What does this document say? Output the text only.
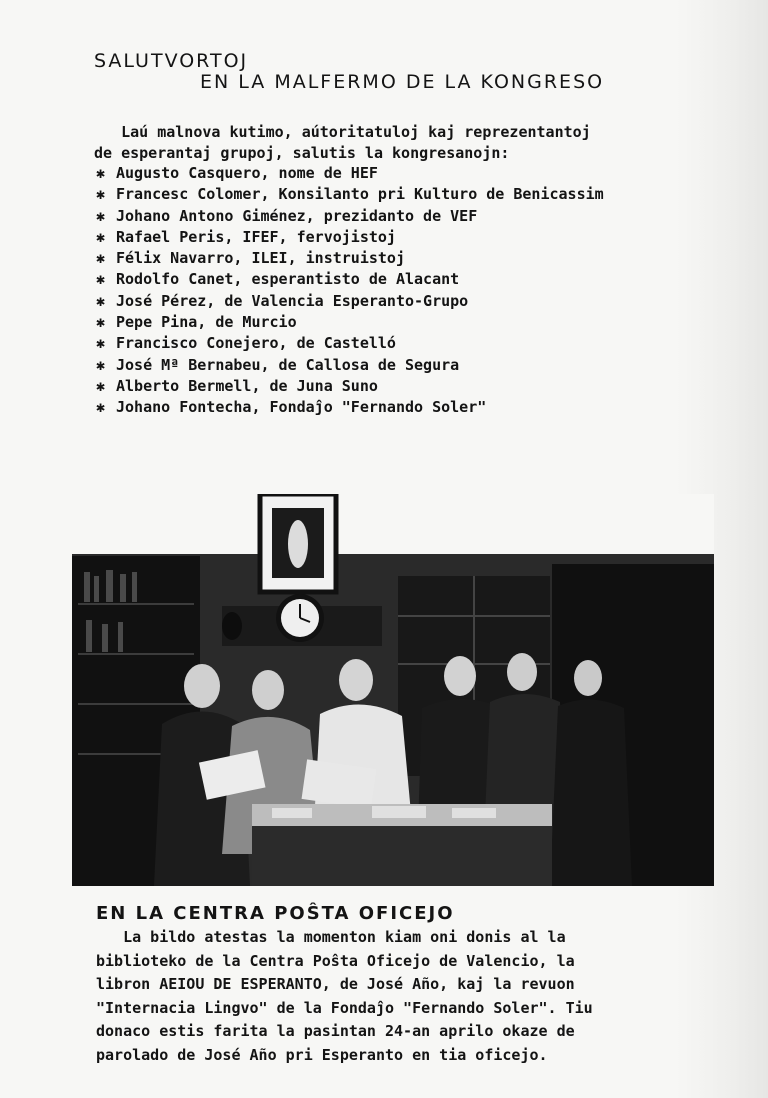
SALUTVORTOJ
EN LA MALFERMO DE LA KONGRESO
Laú malnova kutimo, aútoritatuloj kaj reprezentantoj
de esperantaj grupoj, salutis la kongresanojn:
✱ Augusto Casquero, nome de HEF
✱ Francesc Colomer, Konsilanto pri Kulturo de Benicassim
✱ Johano Antono Giménez, prezidanto de VEF
✱ Rafael Peris, IFEF, fervojistoj
✱ Félix Navarro, ILEI, instruistoj
✱ Rodolfo Canet, esperantisto de Alacant
✱ José Pérez, de Valencia Esperanto-Grupo
✱ Pepe Pina, de Murcio
✱ Francisco Conejero, de Castelló
✱ José Mª Bernabeu, de Callosa de Segura
✱ Alberto Bermell, de Juna Suno
✱ Johano Fontecha, Fondaĵo "Fernando Soler"
EN LA CENTRA POŜTA OFICEJO
La bildo atestas la momenton kiam oni donis al la
biblioteko de la Centra Poŝta Oficejo de Valencio, la
libron AEIOU DE ESPERANTO, de José Año, kaj la revuon
"Internacia Lingvo" de la Fondaĵo "Fernando Soler". Tiu
donaco estis farita la pasintan 24-an aprilo okaze de
parolado de José Año pri Esperanto en tia oficejo.
